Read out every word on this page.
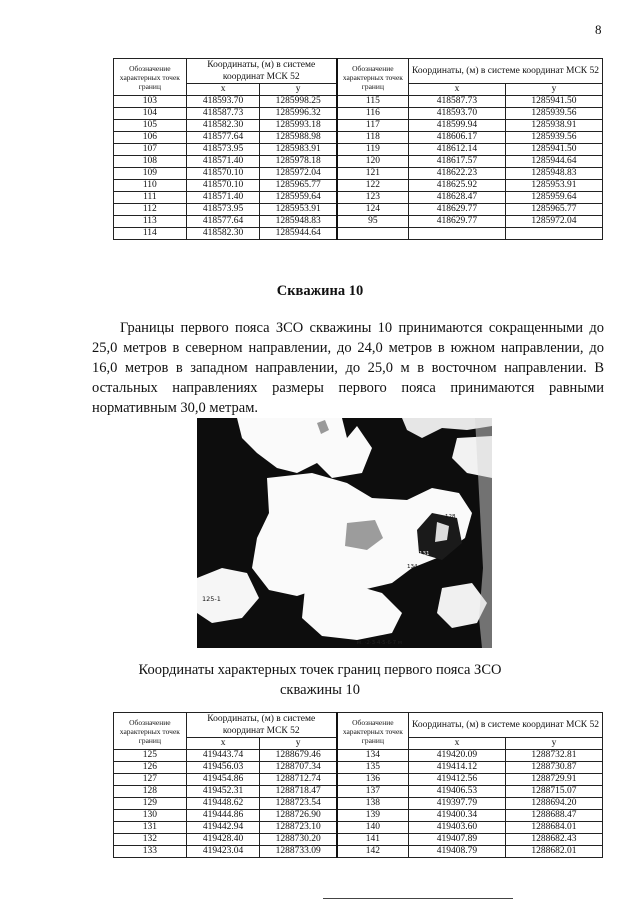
8
Обозначение характерных точек границ	Координаты, (м) в системе координат МСК 52		Обозначение характерных точек границ	Координаты, (м) в системе координат МСК 52	
	х	у		х	у
103	418593.70	1285998.25	115	418587.73	1285941.50
104	418587.73	1285996.32	116	418593.70	1285939.56
105	418582.30	1285993.18	117	418599.94	1285938.91
106	418577.64	1285988.98	118	418606.17	1285939.56
107	418573.95	1285983.91	119	418612.14	1285941.50
108	418571.40	1285978.18	120	418617.57	1285944.64
109	418570.10	1285972.04	121	418622.23	1285948.83
110	418570.10	1285965.77	122	418625.92	1285953.91
111	418571.40	1285959.64	123	418628.47	1285959.64
112	418573.95	1285953.91	124	418629.77	1285965.77
113	418577.64	1285948.83	95	418629.77	1285972.04
114	418582.30	1285944.64			
Скважина 10
Границы первого пояса ЗСО скважины 10 принимаются сокращенными до 25,0 метров в северном направлении, до 24,0 метров в южном направлении, до 16,0 метров в западном направлении, до 25,0 м в восточном направлении. В остальных направлениях размеры первого пояса принимаются равными нормативным 30,0 метрам.
125-1
131
134
128
м. ·2·3·4·5·6·7 м
Координаты характерных точек границ первого пояса ЗСО
скважины 10
Обозначение характерных точек границ	Координаты, (м) в системе координат МСК 52		Обозначение характерных точек границ	Координаты, (м) в системе координат МСК 52	
	х	у		х	у
125	419443.74	1288679.46	134	419420.09	1288732.81
126	419456.03	1288707.34	135	419414.12	1288730.87
127	419454.86	1288712.74	136	419412.56	1288729.91
128	419452.31	1288718.47	137	419406.53	1288715.07
129	419448.62	1288723.54	138	419397.79	1288694.20
130	419444.86	1288726.90	139	419400.34	1288688.47
131	419442.94	1288723.10	140	419403.60	1288684.01
132	419428.40	1288730.20	141	419407.89	1288682.43
133	419423.04	1288733.09	142	419408.79	1288682.01
